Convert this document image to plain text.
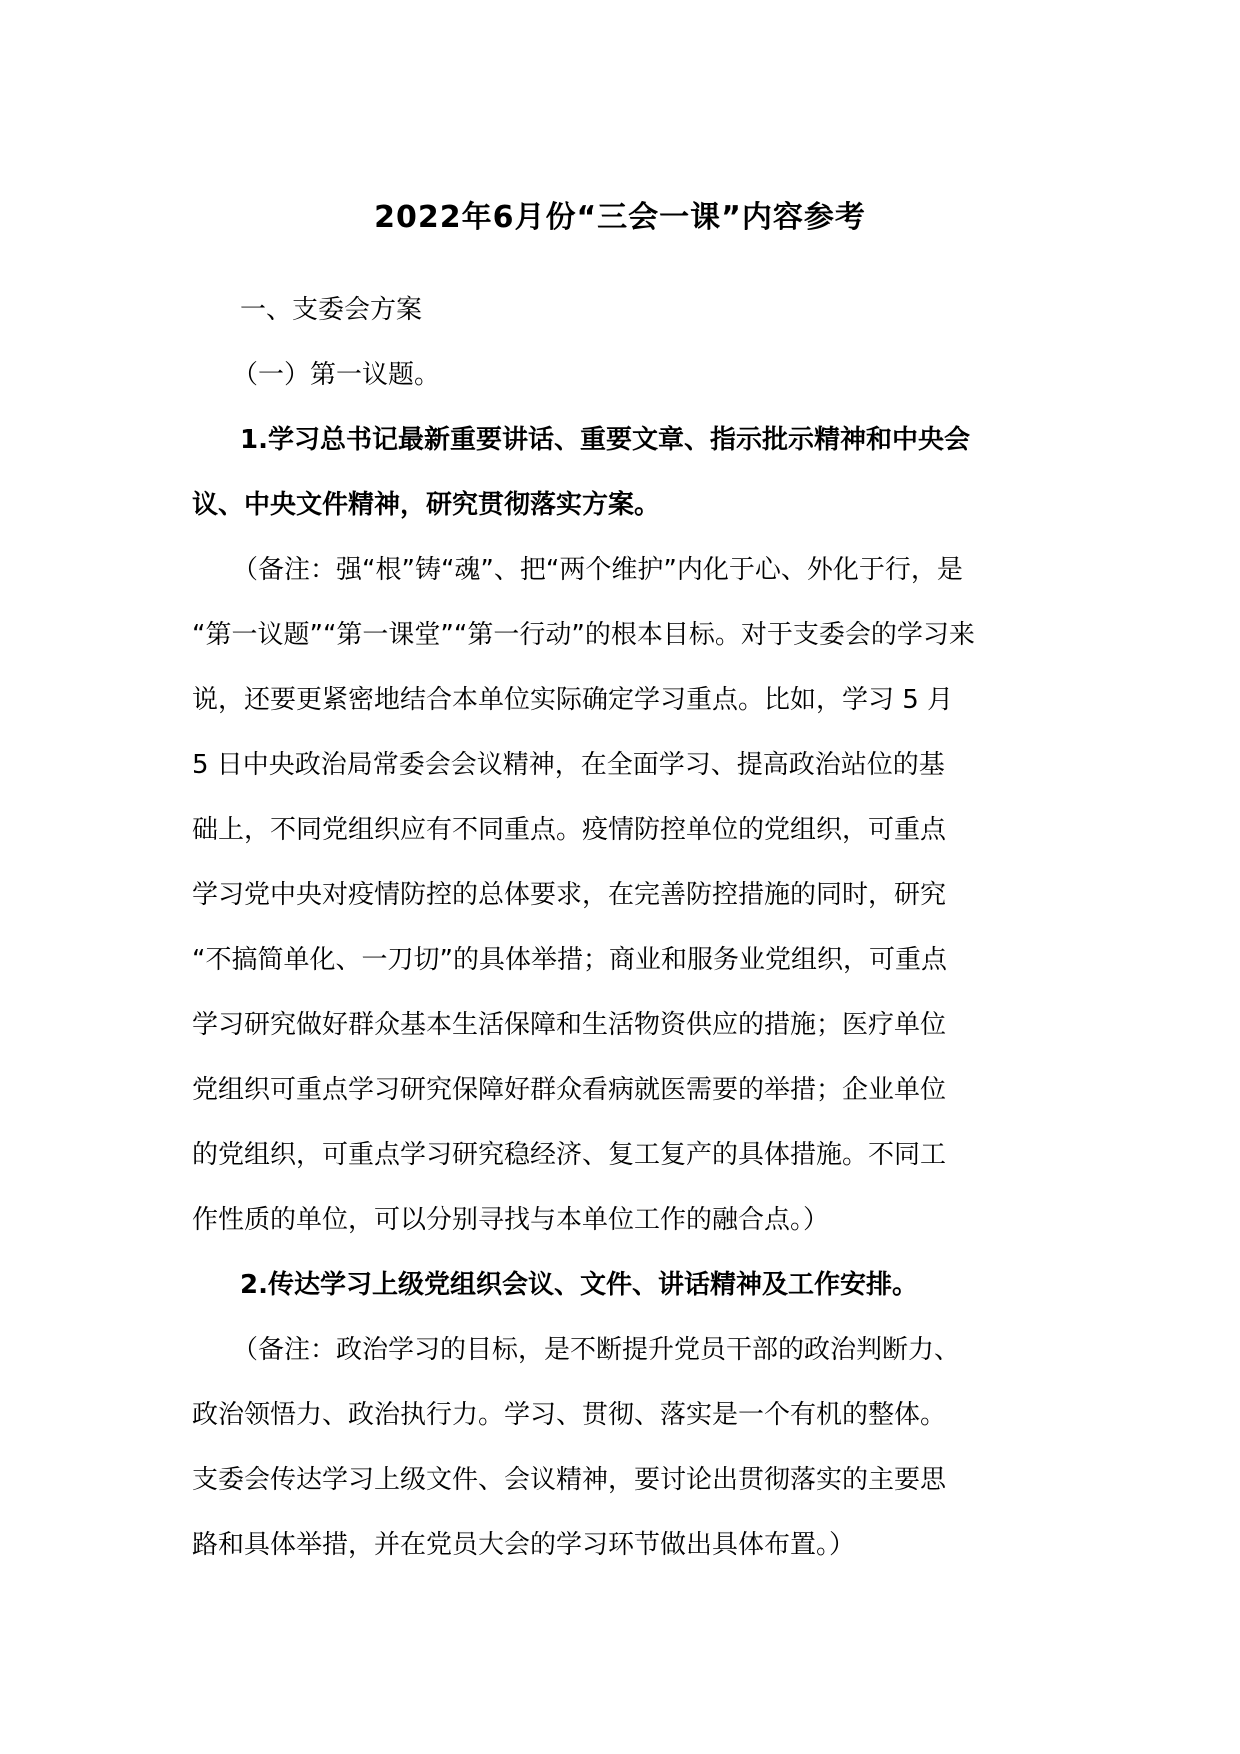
2022年6月份“三会一课”内容参考
一、支委会方案
（一）第一议题。
1.学习总书记最新重要讲话、重要文章、指示批示精神和中央会
议、中央文件精神，研究贯彻落实方案。
（备注：强“根”铸“魂”、把“两个维护”内化于心、外化于行，是
“第一议题”“第一课堂”“第一行动”的根本目标。对于支委会的学习来
说，还要更紧密地结合本单位实际确定学习重点。比如，学习 5 月
5 日中央政治局常委会会议精神，在全面学习、提高政治站位的基
础上，不同党组织应有不同重点。疫情防控单位的党组织，可重点
学习党中央对疫情防控的总体要求，在完善防控措施的同时，研究
“不搞简单化、一刀切”的具体举措；商业和服务业党组织，可重点
学习研究做好群众基本生活保障和生活物资供应的措施；医疗单位
党组织可重点学习研究保障好群众看病就医需要的举措；企业单位
的党组织，可重点学习研究稳经济、复工复产的具体措施。不同工
作性质的单位，可以分别寻找与本单位工作的融合点。）
2.传达学习上级党组织会议、文件、讲话精神及工作安排。
（备注：政治学习的目标，是不断提升党员干部的政治判断力、
政治领悟力、政治执行力。学习、贯彻、落实是一个有机的整体。
支委会传达学习上级文件、会议精神，要讨论出贯彻落实的主要思
路和具体举措，并在党员大会的学习环节做出具体布置。）
